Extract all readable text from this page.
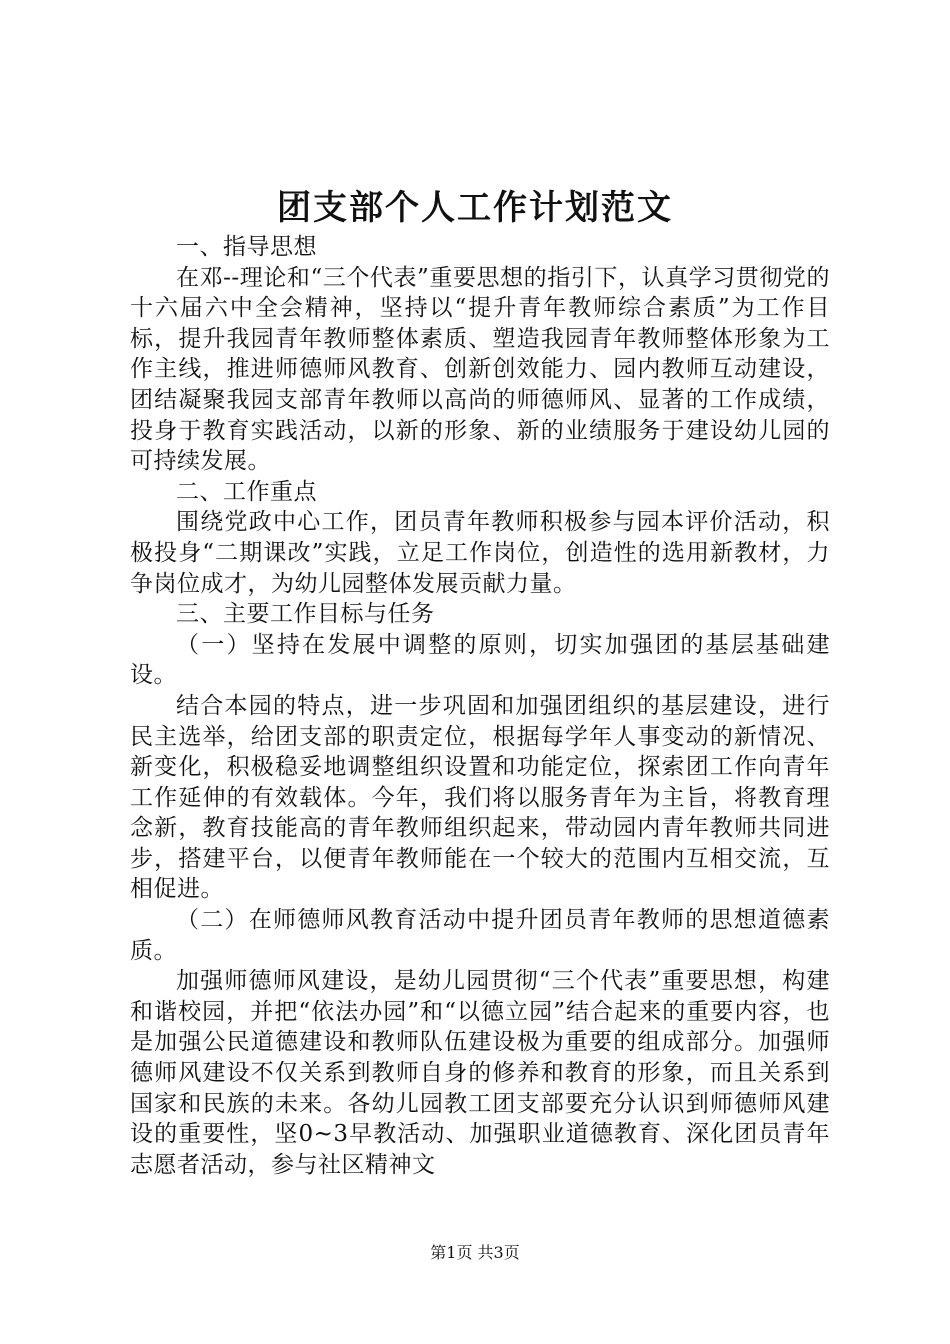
团支部个人工作计划范文

一、指导思想

在邓--理论和“三个代表”重要思想的指引下，认真学习贯彻党的十六届六中全会精神，坚持以“提升青年教师综合素质”为工作目标，提升我园青年教师整体素质、塑造我园青年教师整体形象为工作主线，推进师德师风教育、创新创效能力、园内教师互动建设，团结凝聚我园支部青年教师以高尚的师德师风、显著的工作成绩，投身于教育实践活动，以新的形象、新的业绩服务于建设幼儿园的可持续发展。

二、工作重点

围绕党政中心工作，团员青年教师积极参与园本评价活动，积极投身“二期课改”实践，立足工作岗位，创造性的选用新教材，力争岗位成才，为幼儿园整体发展贡献力量。

三、主要工作目标与任务

（一）坚持在发展中调整的原则，切实加强团的基层基础建设。

结合本园的特点，进一步巩固和加强团组织的基层建设，进行民主选举，给团支部的职责定位，根据每学年人事变动的新情况、新变化，积极稳妥地调整组织设置和功能定位，探索团工作向青年工作延伸的有效载体。今年，我们将以服务青年为主旨，将教育理念新，教育技能高的青年教师组织起来，带动园内青年教师共同进步，搭建平台，以便青年教师能在一个较大的范围内互相交流，互相促进。

（二）在师德师风教育活动中提升团员青年教师的思想道德素质。

加强师德师风建设，是幼儿园贯彻“三个代表”重要思想，构建和谐校园，并把“依法办园”和“以德立园”结合起来的重要内容，也是加强公民道德建设和教师队伍建设极为重要的组成部分。加强师德师风建设不仅关系到教师自身的修养和教育的形象，而且关系到国家和民族的未来。各幼儿园教工团支部要充分认识到师德师风建设的重要性，坚0~3早教活动、加强职业道德教育、深化团员青年志愿者活动，参与社区精神文

第1页 共3页
